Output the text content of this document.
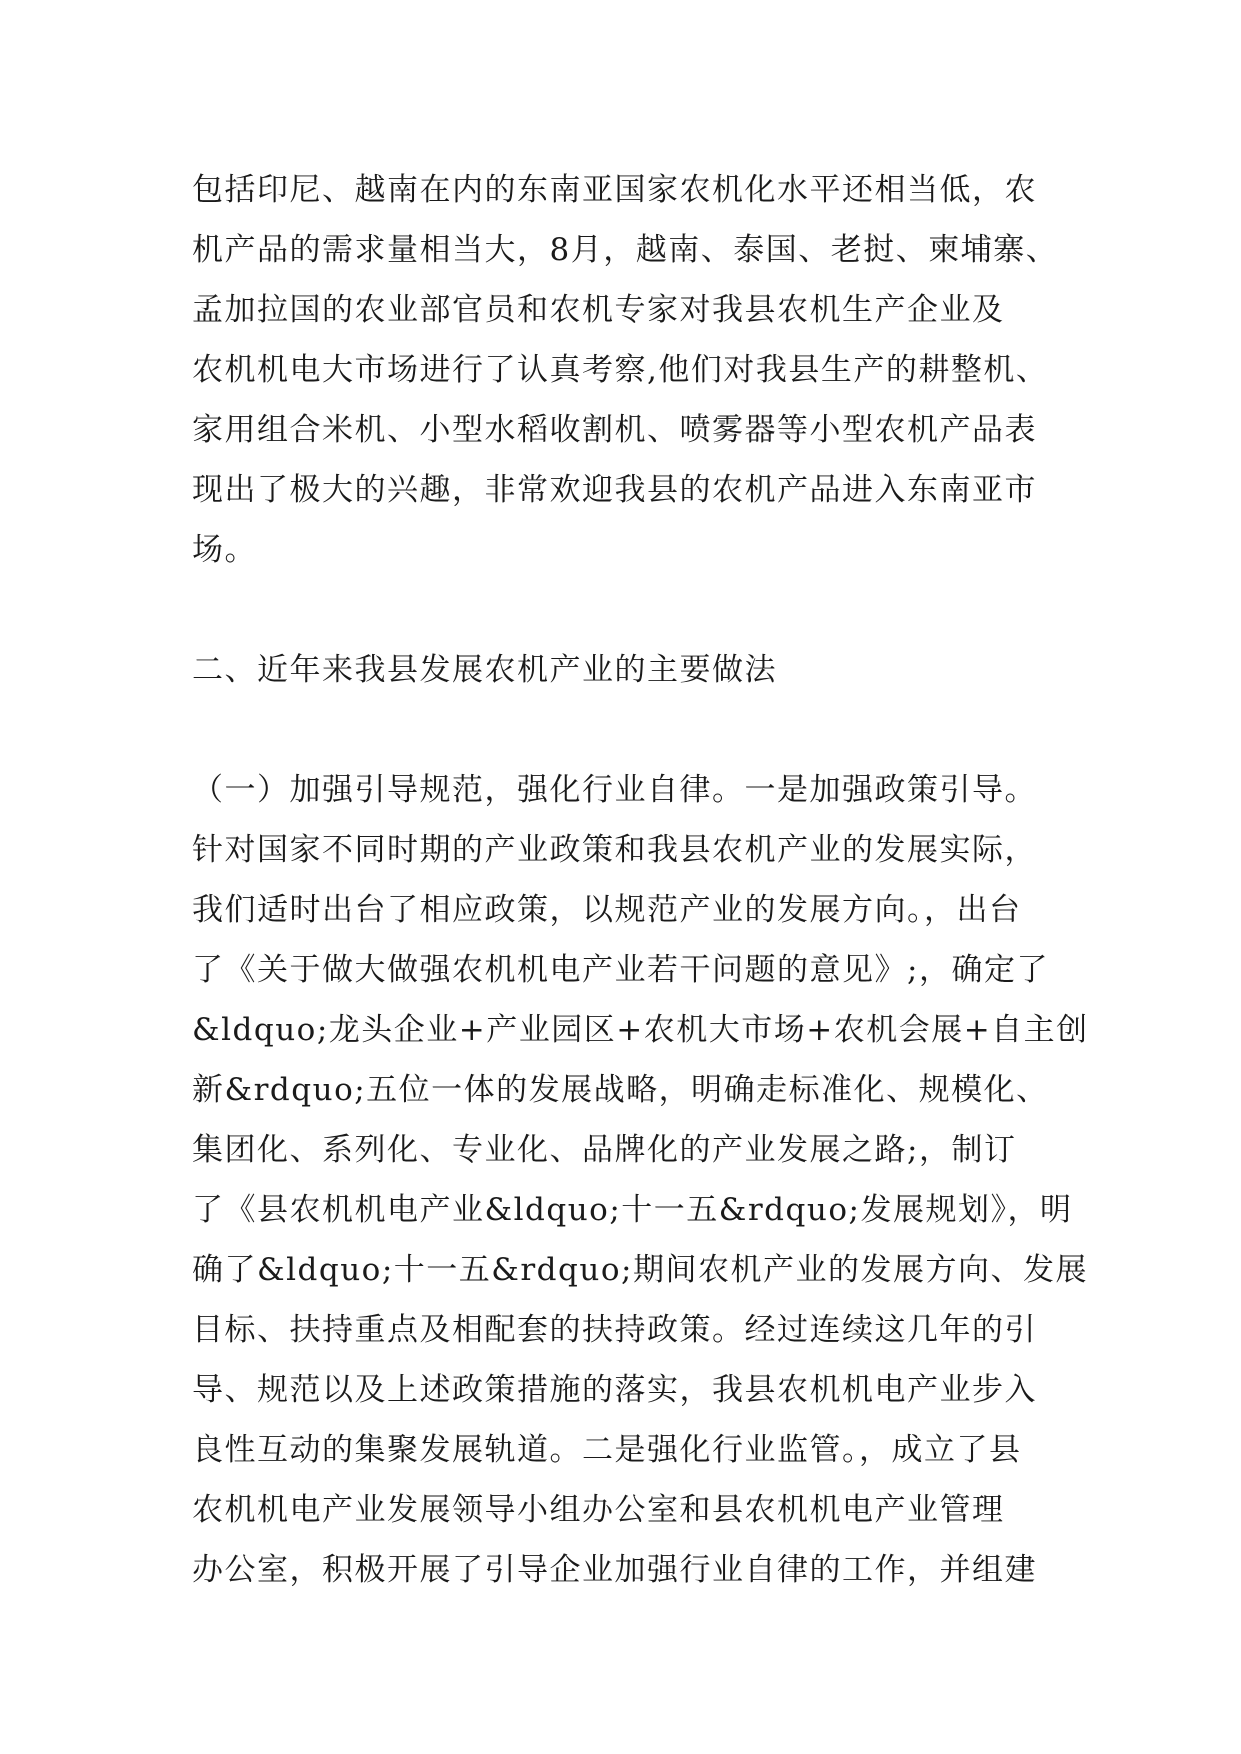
包括印尼、越南在内的东南亚国家农机化水平还相当低，农
机产品的需求量相当大，8月，越南、泰国、老挝、柬埔寨、
孟加拉国的农业部官员和农机专家对我县农机生产企业及
农机机电大市场进行了认真考察,他们对我县生产的耕整机、
家用组合米机、小型水稻收割机、喷雾器等小型农机产品表
现出了极大的兴趣，非常欢迎我县的农机产品进入东南亚市
场。

二、近年来我县发展农机产业的主要做法

（一）加强引导规范，强化行业自律。一是加强政策引导。
针对国家不同时期的产业政策和我县农机产业的发展实际，
我们适时出台了相应政策，以规范产业的发展方向。，出台
了《关于做大做强农机机电产业若干问题的意见》;，确定了
&ldquo;龙头企业+产业园区+农机大市场+农机会展+自主创
新&rdquo;五位一体的发展战略，明确走标准化、规模化、
集团化、系列化、专业化、品牌化的产业发展之路;，制订
了《县农机机电产业&ldquo;十一五&rdquo;发展规划》，明
确了&ldquo;十一五&rdquo;期间农机产业的发展方向、发展
目标、扶持重点及相配套的扶持政策。经过连续这几年的引
导、规范以及上述政策措施的落实，我县农机机电产业步入
良性互动的集聚发展轨道。二是强化行业监管。，成立了县
农机机电产业发展领导小组办公室和县农机机电产业管理
办公室，积极开展了引导企业加强行业自律的工作，并组建
